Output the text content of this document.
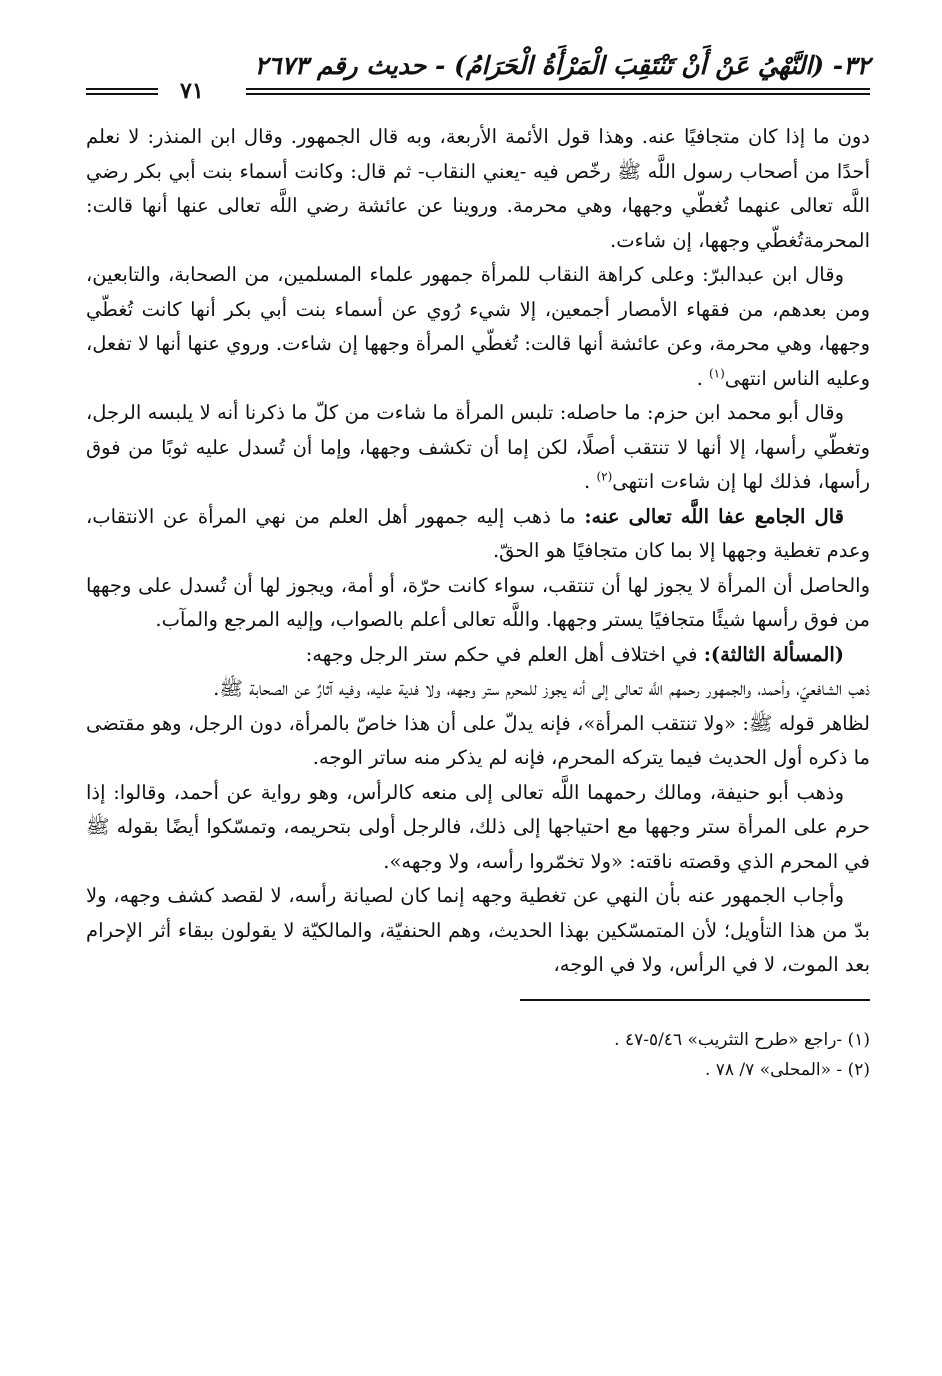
٣٢- (النَّهْيُ عَنْ أَنْ تَنْتَقِبَ الْمَرْأَةُ الْحَرَامُ) - حديث رقم ٢٦٧٣
٧١

دون ما إذا كان متجافيًا عنه. وهذا قول الأئمة الأربعة، وبه قال الجمهور. وقال ابن المنذر: لا نعلم أحدًا من أصحاب رسول اللَّه ﷺ رخّص فيه -يعني النقاب- ثم قال: وكانت أسماء بنت أبي بكر رضي اللَّه تعالى عنهما تُغطّي وجهها، وهي محرمة. وروينا عن عائشة رضي اللَّه تعالى عنها أنها قالت: المحرمةتُغطّي وجهها، إن شاءت.

وقال ابن عبدالبرّ: وعلى كراهة النقاب للمرأة جمهور علماء المسلمين، من الصحابة، والتابعين، ومن بعدهم، من فقهاء الأمصار أجمعين، إلا شيء رُوي عن أسماء بنت أبي بكر أنها كانت تُغطّي وجهها، وهي محرمة، وعن عائشة أنها قالت: تُغطّي المرأة وجهها إن شاءت. وروي عنها أنها لا تفعل، وعليه الناس انتهى$^{(١)}$ .

وقال أبو محمد ابن حزم: ما حاصله: تلبس المرأة ما شاءت من كلّ ما ذكرنا أنه لا يلبسه الرجل، وتغطّي رأسها، إلا أنها لا تنتقب أصلًا، لكن إما أن تكشف وجهها، وإما أن تُسدل عليه ثوبًا من فوق رأسها، فذلك لها إن شاءت انتهى$^{(٢)}$ .

قال الجامع عفا اللَّه تعالى عنه: ما ذهب إليه جمهور أهل العلم من نهي المرأة عن الانتقاب، وعدم تغطية وجهها إلا بما كان متجافيًا هو الحقّ.

والحاصل أن المرأة لا يجوز لها أن تنتقب، سواء كانت حرّة، أو أمة، ويجوز لها أن تُسدل على وجهها من فوق رأسها شيئًا متجافيًا يستر وجهها. واللَّه تعالى أعلم بالصواب، وإليه المرجع والمآب.

(المسألة الثالثة): في اختلاف أهل العلم في حكم ستر الرجل وجهه:

ذهب الشافعيّ، وأحمد، والجمهور رحمهم اللَّه تعالى إلى أنه يجوز للمحرم ستر وجهه، ولا فدية عليه، وفيه آثارٌ عن الصحابة ﷺ.

لظاهر قوله ﷺ: «ولا تنتقب المرأة»، فإنه يدلّ على أن هذا خاصّ بالمرأة، دون الرجل، وهو مقتضى ما ذكره أول الحديث فيما يتركه المحرم، فإنه لم يذكر منه ساتر الوجه.

وذهب أبو حنيفة، ومالك رحمهما اللَّه تعالى إلى منعه كالرأس، وهو رواية عن أحمد، وقالوا: إذا حرم على المرأة ستر وجهها مع احتياجها إلى ذلك، فالرجل أولى بتحريمه، وتمسّكوا أيضًا بقوله ﷺ في المحرم الذي وقصته ناقته: «ولا تخمّروا رأسه، ولا وجهه».

وأجاب الجمهور عنه بأن النهي عن تغطية وجهه إنما كان لصيانة رأسه، لا لقصد كشف وجهه، ولا بدّ من هذا التأويل؛ لأن المتمسّكين بهذا الحديث، وهم الحنفيّة، والمالكيّة لا يقولون ببقاء أثر الإحرام بعد الموت، لا في الرأس، ولا في الوجه،

(١) -راجع «طرح التثريب» ٥/٤٦-٤٧ .

(٢) - «المحلى» ٧/ ٧٨ .
